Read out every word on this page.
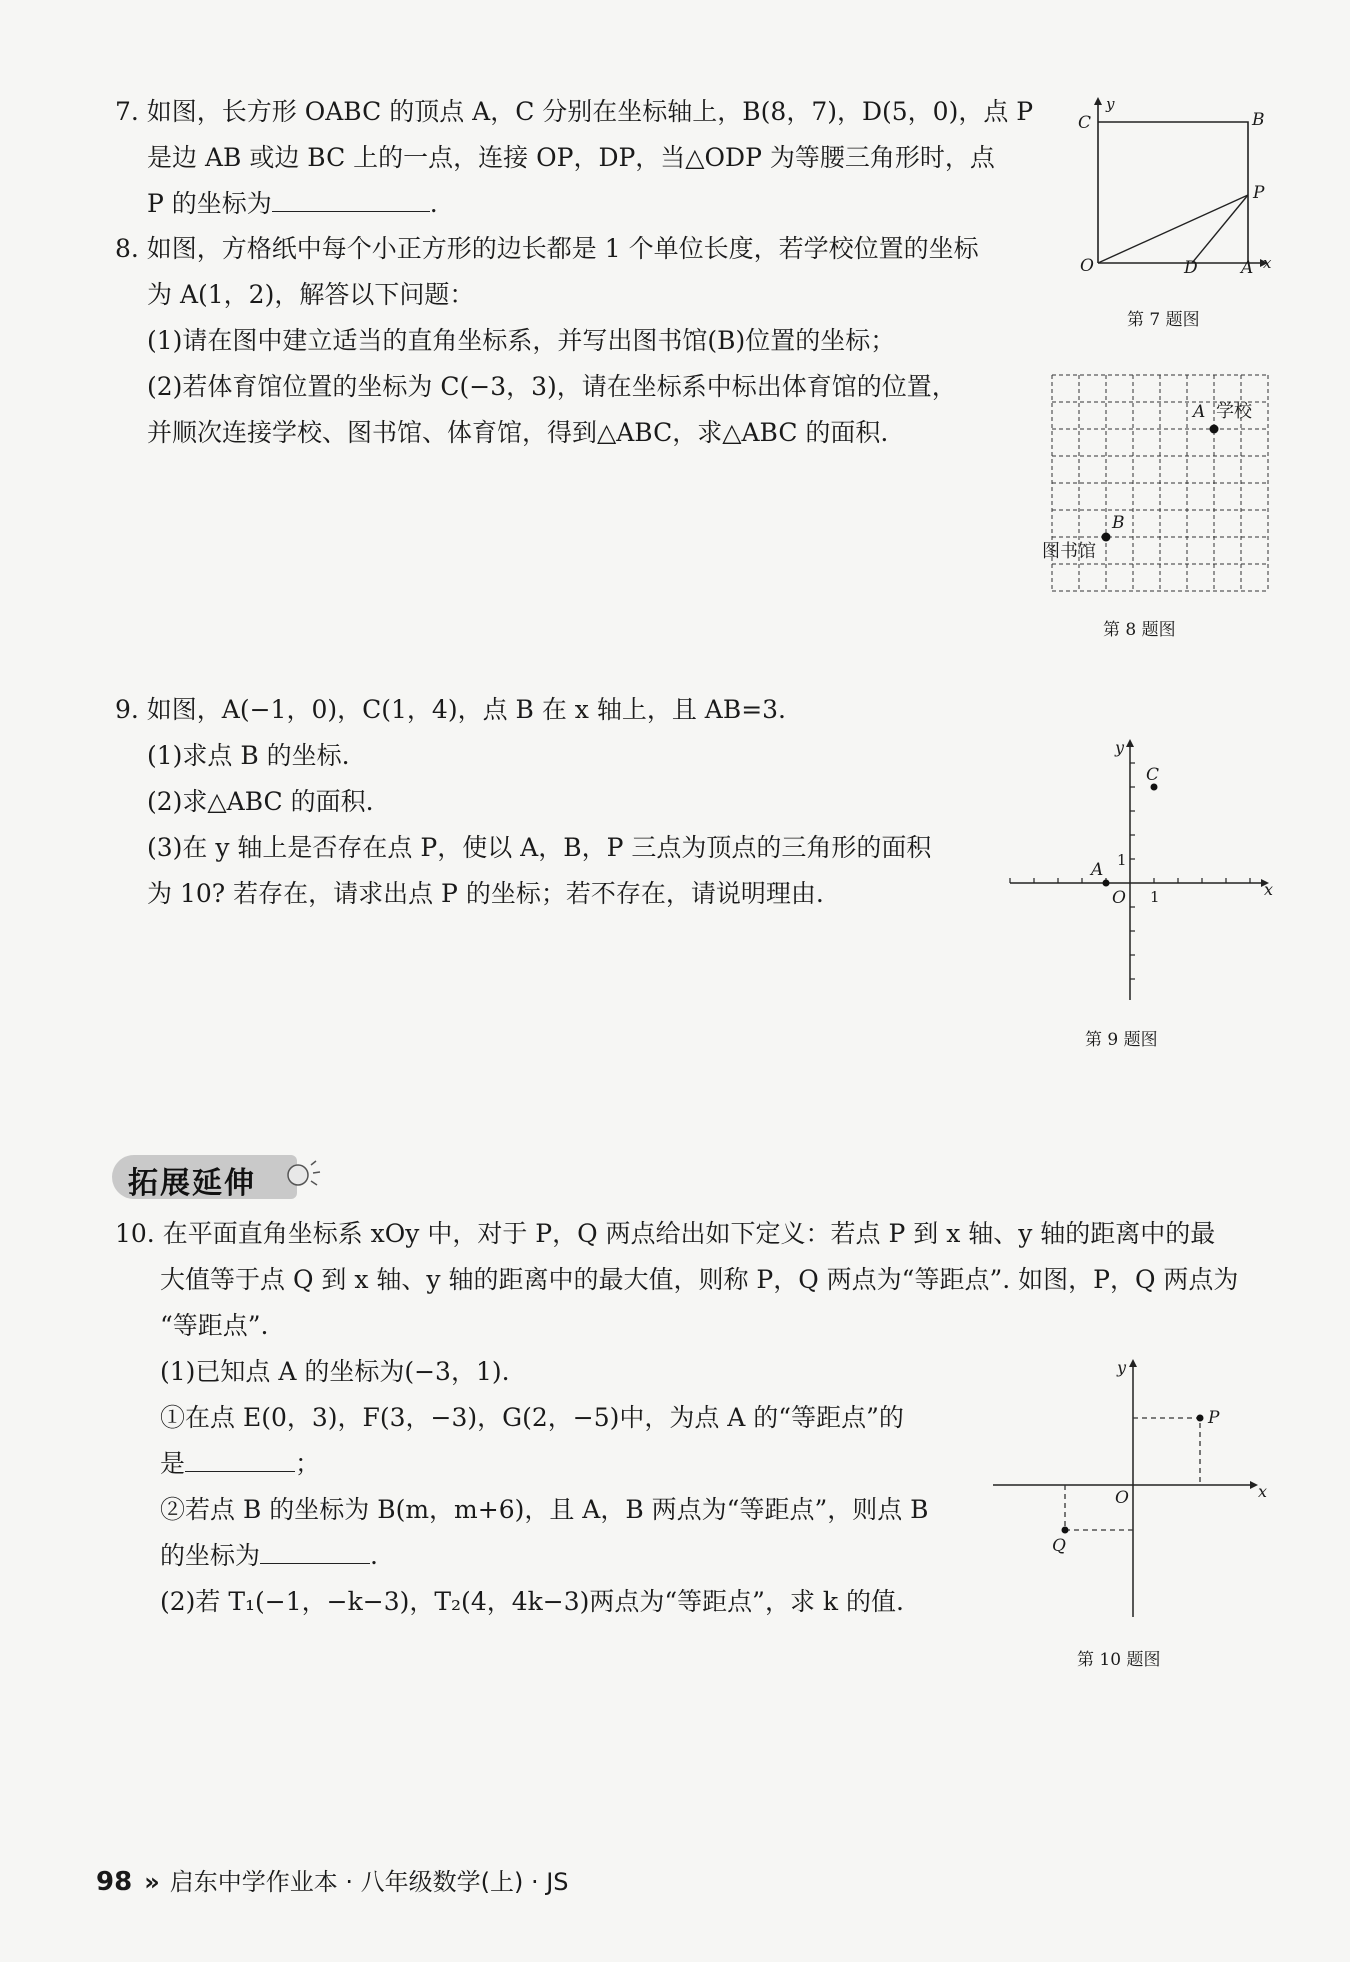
7. 如图，长方形 OABC 的顶点 A，C 分别在坐标轴上，B(8，7)，D(5，0)，点 P
是边 AB 或边 BC 上的一点，连接 OP，DP，当△ODP 为等腰三角形时，点
P 的坐标为	.
y
x
C	B
P
O	D	A
第 7 题图
8. 如图，方格纸中每个小正方形的边长都是 1 个单位长度，若学校位置的坐标
为 A(1，2)，解答以下问题：
(1)请在图中建立适当的直角坐标系，并写出图书馆(B)位置的坐标；
(2)若体育馆位置的坐标为 C(−3，3)，请在坐标系中标出体育馆的位置，
并顺次连接学校、图书馆、体育馆，得到△ABC，求△ABC 的面积.
A 学校
B
图书馆
第 8 题图
9. 如图，A(−1，0)，C(1，4)，点 B 在 x 轴上，且 AB=3.
(1)求点 B 的坐标.
(2)求△ABC 的面积.
(3)在 y 轴上是否存在点 P，使以 A，B，P 三点为顶点的三角形的面积
为 10? 若存在，请求出点 P 的坐标；若不存在，请说明理由.
y
x
C
A
O 1
1
第 9 题图
拓展延伸
10. 在平面直角坐标系 xOy 中，对于 P，Q 两点给出如下定义：若点 P 到 x 轴、y 轴的距离中的最
大值等于点 Q 到 x 轴、y 轴的距离中的最大值，则称 P，Q 两点为“等距点”. 如图，P，Q 两点为
“等距点”.
(1)已知点 A 的坐标为(−3，1).
①在点 E(0，3)，F(3，−3)，G(2，−5)中，为点 A 的“等距点”的
是	；
②若点 B 的坐标为 B(m，m+6)，且 A，B 两点为“等距点”，则点 B
的坐标为	.
(2)若 T₁(−1，−k−3)，T₂(4，4k−3)两点为“等距点”，求 k 的值.
y
x
O
P
Q
第 10 题图
98 » 启东中学作业本 · 八年级数学(上) · JS
